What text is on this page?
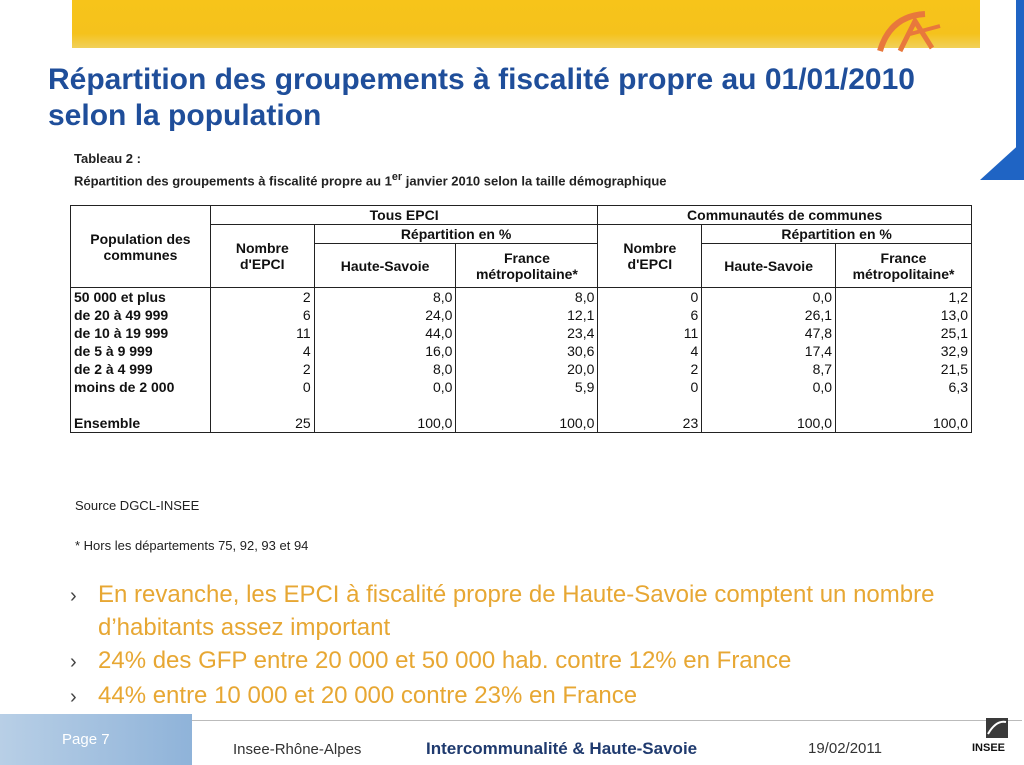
Répartition des groupements à fiscalité propre au 01/01/2010 selon la population
Tableau 2 :
Répartition des groupements à fiscalité propre au 1er janvier 2010 selon la taille démographique
Population des communes	Tous EPCI			Communautés de communes		
	Nombre d'EPCI	Répartition en %		Nombre d'EPCI	Répartition en %	
		Haute-Savoie	France métropolitaine*		Haute-Savoie	France métropolitaine*
50 000 et plus	2	8,0	8,0	0	0,0	1,2
de 20 à 49 999	6	24,0	12,1	6	26,1	13,0
de 10 à 19 999	11	44,0	23,4	11	47,8	25,1
de 5 à 9 999	4	16,0	30,6	4	17,4	32,9
de 2 à 4 999	2	8,0	20,0	2	8,7	21,5
moins de 2 000	0	0,0	5,9	0	0,0	6,3

Ensemble	25	100,0	100,0	23	100,0	100,0
Source DGCL-INSEE
* Hors les départements 75, 92, 93 et 94
› En revanche, les EPCI à fiscalité propre de Haute-Savoie comptent un nombre d’habitants assez important
› 24% des GFP entre 20 000 et 50 000 hab. contre 12% en France
› 44% entre 10 000 et 20 000 contre 23% en France
Page 7
Insee-Rhône-Alpes	Intercommunalité & Haute-Savoie	19/02/2011	INSEE
